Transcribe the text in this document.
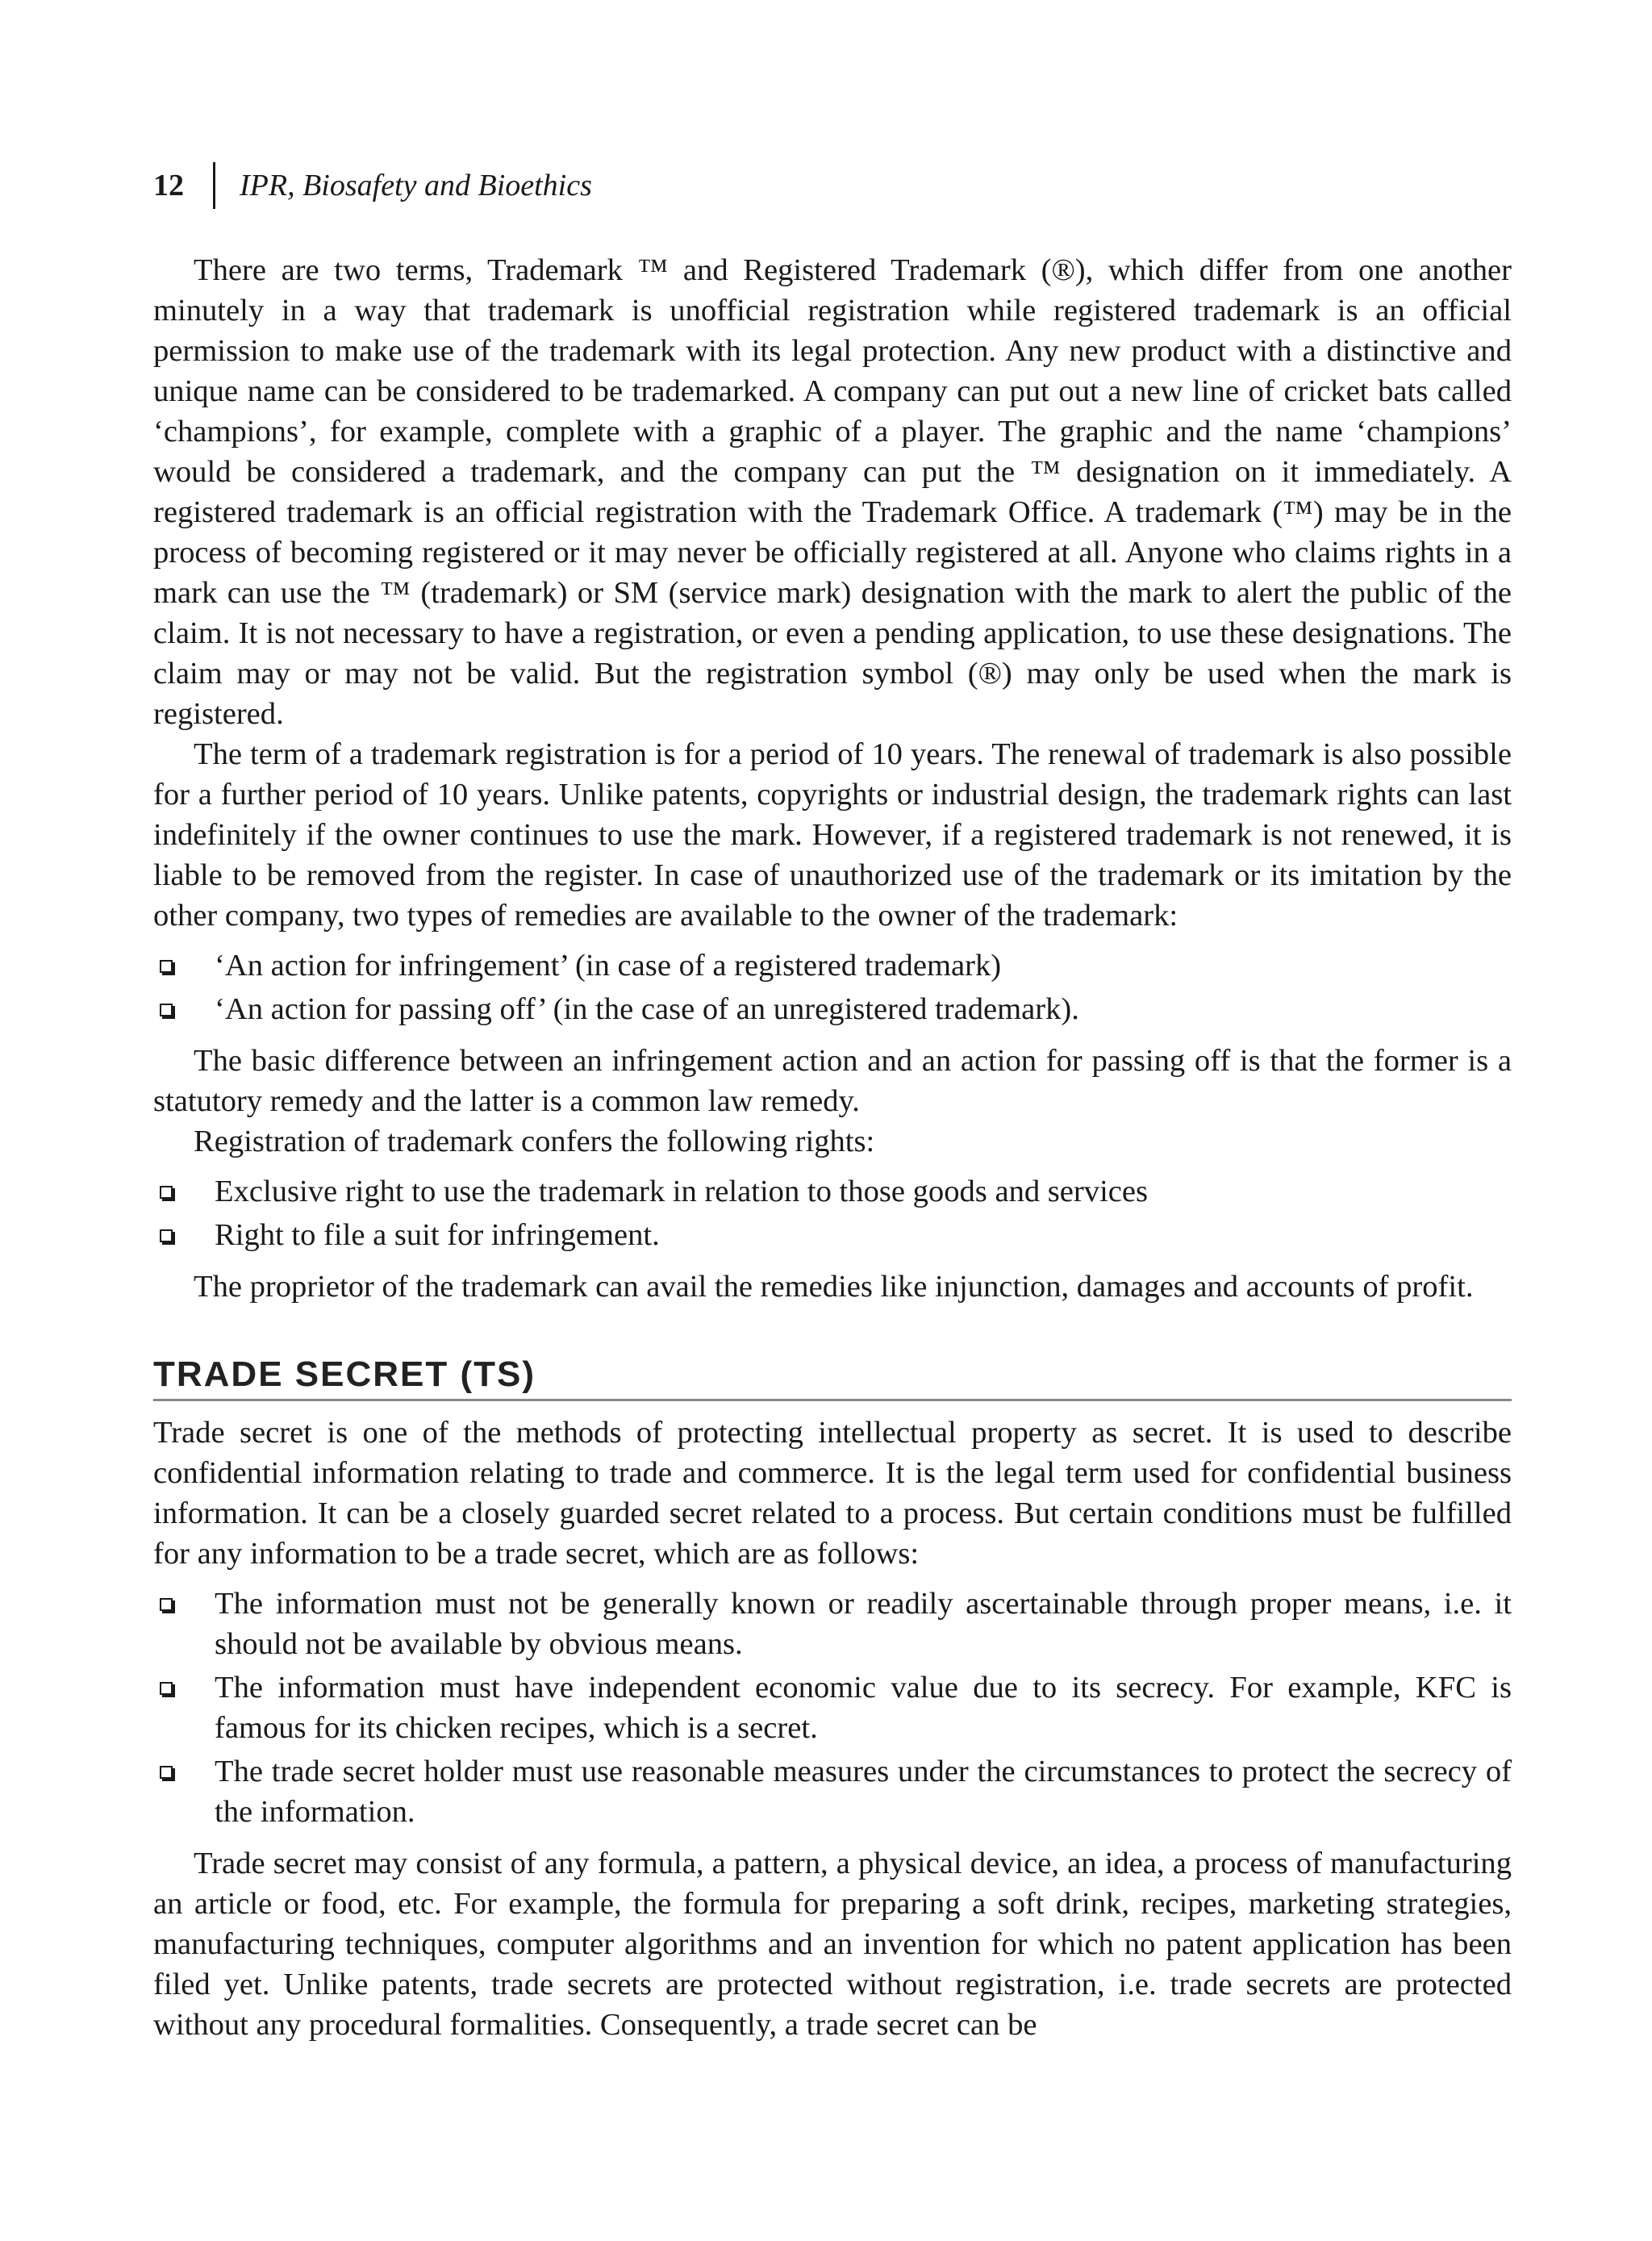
12 IPR, Biosafety and Bioethics

There are two terms, Trademark ™ and Registered Trademark (®), which differ from one another minutely in a way that trademark is unofficial registration while registered trademark is an official permission to make use of the trademark with its legal protection. Any new product with a distinctive and unique name can be considered to be trademarked. A company can put out a new line of cricket bats called ‘champions’, for example, complete with a graphic of a player. The graphic and the name ‘champions’ would be considered a trademark, and the company can put the ™ designation on it immediately. A registered trademark is an official registration with the Trademark Office. A trademark (™) may be in the process of becoming registered or it may never be officially registered at all. Anyone who claims rights in a mark can use the ™ (trademark) or SM (service mark) designation with the mark to alert the public of the claim. It is not necessary to have a registration, or even a pending application, to use these designations. The claim may or may not be valid. But the registration symbol (®) may only be used when the mark is registered.

The term of a trademark registration is for a period of 10 years. The renewal of trademark is also possible for a further period of 10 years. Unlike patents, copyrights or industrial design, the trademark rights can last indefinitely if the owner continues to use the mark. However, if a registered trademark is not renewed, it is liable to be removed from the register. In case of unauthorized use of the trademark or its imitation by the other company, two types of remedies are available to the owner of the trademark:

‘An action for infringement’ (in case of a registered trademark)
‘An action for passing off’ (in the case of an unregistered trademark).

The basic difference between an infringement action and an action for passing off is that the former is a statutory remedy and the latter is a common law remedy.

Registration of trademark confers the following rights:

Exclusive right to use the trademark in relation to those goods and services
Right to file a suit for infringement.

The proprietor of the trademark can avail the remedies like injunction, damages and accounts of profit.

TRADE SECRET (TS)

Trade secret is one of the methods of protecting intellectual property as secret. It is used to describe confidential information relating to trade and commerce. It is the legal term used for confidential business information. It can be a closely guarded secret related to a process. But certain conditions must be fulfilled for any information to be a trade secret, which are as follows:

The information must not be generally known or readily ascertainable through proper means, i.e. it should not be available by obvious means.
The information must have independent economic value due to its secrecy. For example, KFC is famous for its chicken recipes, which is a secret.
The trade secret holder must use reasonable measures under the circumstances to protect the secrecy of the information.

Trade secret may consist of any formula, a pattern, a physical device, an idea, a process of manufacturing an article or food, etc. For example, the formula for preparing a soft drink, recipes, marketing strategies, manufacturing techniques, computer algorithms and an invention for which no patent application has been filed yet. Unlike patents, trade secrets are protected without registration, i.e. trade secrets are protected without any procedural formalities. Consequently, a trade secret can be
